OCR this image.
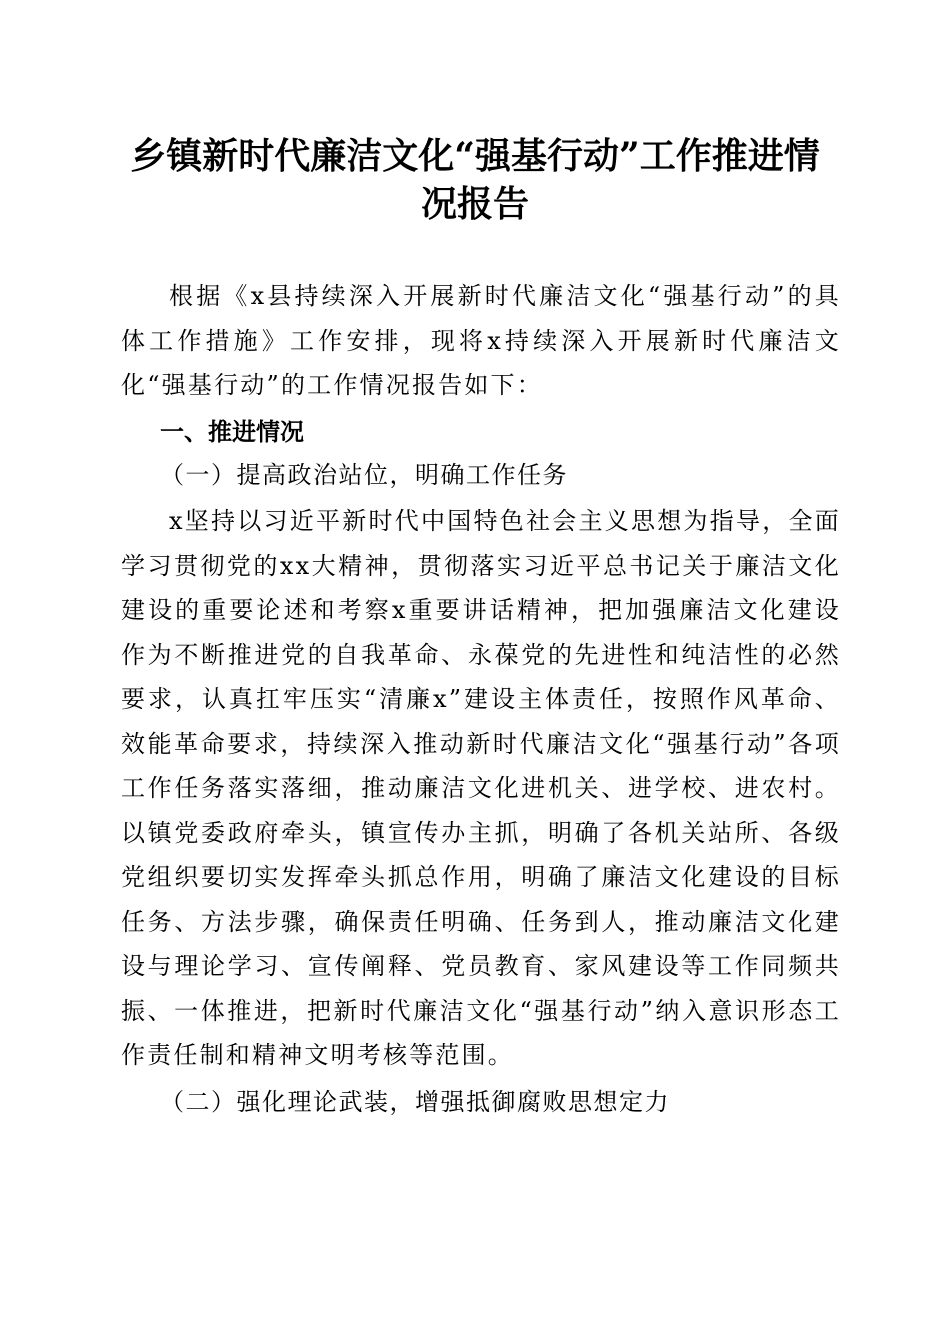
乡镇新时代廉洁文化“强基行动”工作推进情
况报告

根据《x县持续深入开展新时代廉洁文化“强基行动”的具体工作措施》工作安排，现将x持续深入开展新时代廉洁文化“强基行动”的工作情况报告如下：

一、推进情况
（一）提高政治站位，明确工作任务

x坚持以习近平新时代中国特色社会主义思想为指导，全面学习贯彻党的xx大精神，贯彻落实习近平总书记关于廉洁文化建设的重要论述和考察x重要讲话精神，把加强廉洁文化建设作为不断推进党的自我革命、永葆党的先进性和纯洁性的必然要求，认真扛牢压实“清廉x”建设主体责任，按照作风革命、效能革命要求，持续深入推动新时代廉洁文化“强基行动”各项工作任务落实落细，推动廉洁文化进机关、进学校、进农村。以镇党委政府牵头，镇宣传办主抓，明确了各机关站所、各级党组织要切实发挥牵头抓总作用，明确了廉洁文化建设的目标任务、方法步骤，确保责任明确、任务到人，推动廉洁文化建设与理论学习、宣传阐释、党员教育、家风建设等工作同频共振、一体推进，把新时代廉洁文化“强基行动”纳入意识形态工作责任制和精神文明考核等范围。

（二）强化理论武装，增强抵御腐败思想定力
